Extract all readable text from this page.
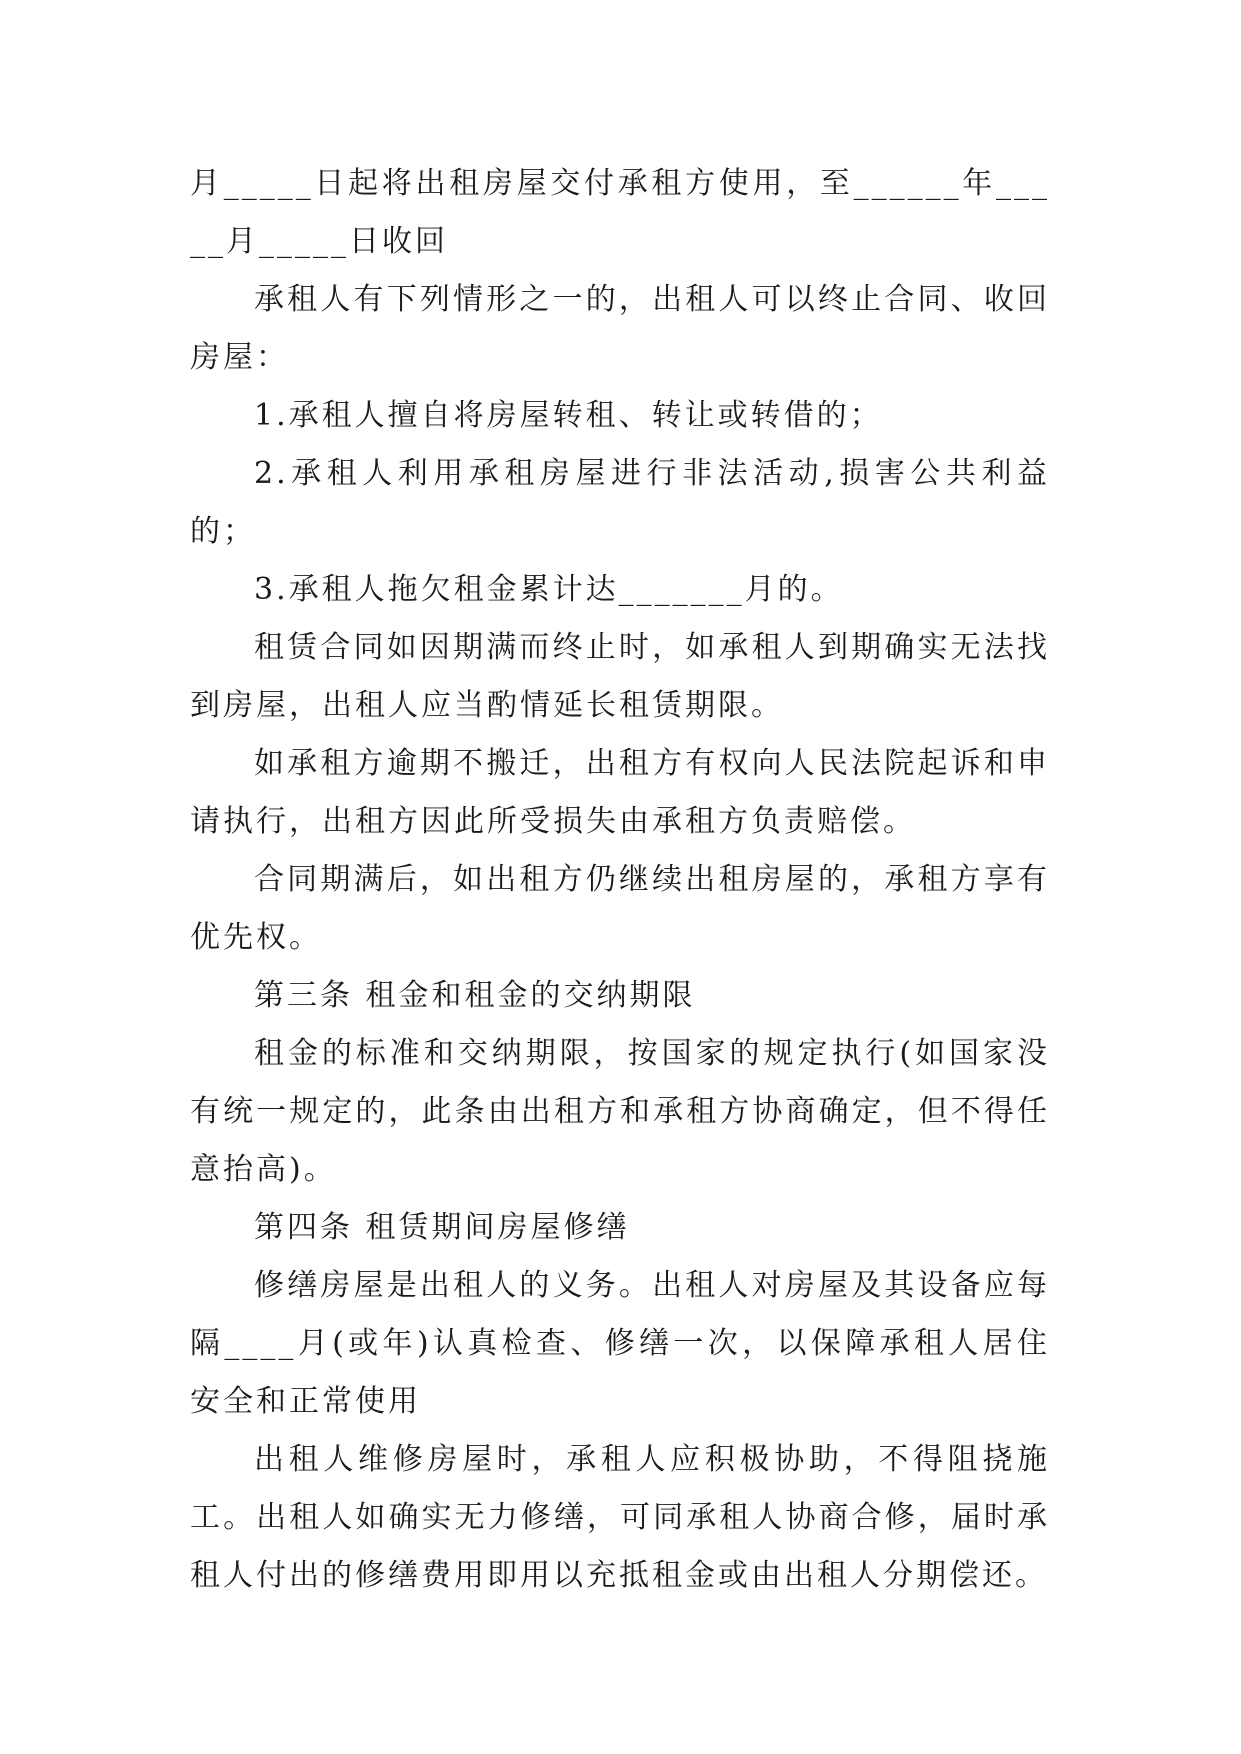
月_____日起将出租房屋交付承租方使用，至______年_____月_____日收回

承租人有下列情形之一的，出租人可以终止合同、收回房屋：

1.承租人擅自将房屋转租、转让或转借的；

2.承租人利用承租房屋进行非法活动,损害公共利益的；

3.承租人拖欠租金累计达_______月的。

租赁合同如因期满而终止时，如承租人到期确实无法找到房屋，出租人应当酌情延长租赁期限。

如承租方逾期不搬迁，出租方有权向人民法院起诉和申请执行，出租方因此所受损失由承租方负责赔偿。

合同期满后，如出租方仍继续出租房屋的，承租方享有优先权。

第三条 租金和租金的交纳期限

租金的标准和交纳期限，按国家的规定执行(如国家没有统一规定的，此条由出租方和承租方协商确定，但不得任意抬高)。

第四条 租赁期间房屋修缮

修缮房屋是出租人的义务。出租人对房屋及其设备应每隔____月(或年)认真检查、修缮一次，以保障承租人居住安全和正常使用

出租人维修房屋时，承租人应积极协助，不得阻挠施工。出租人如确实无力修缮，可同承租人协商合修，届时承租人付出的修缮费用即用以充抵租金或由出租人分期偿还。
